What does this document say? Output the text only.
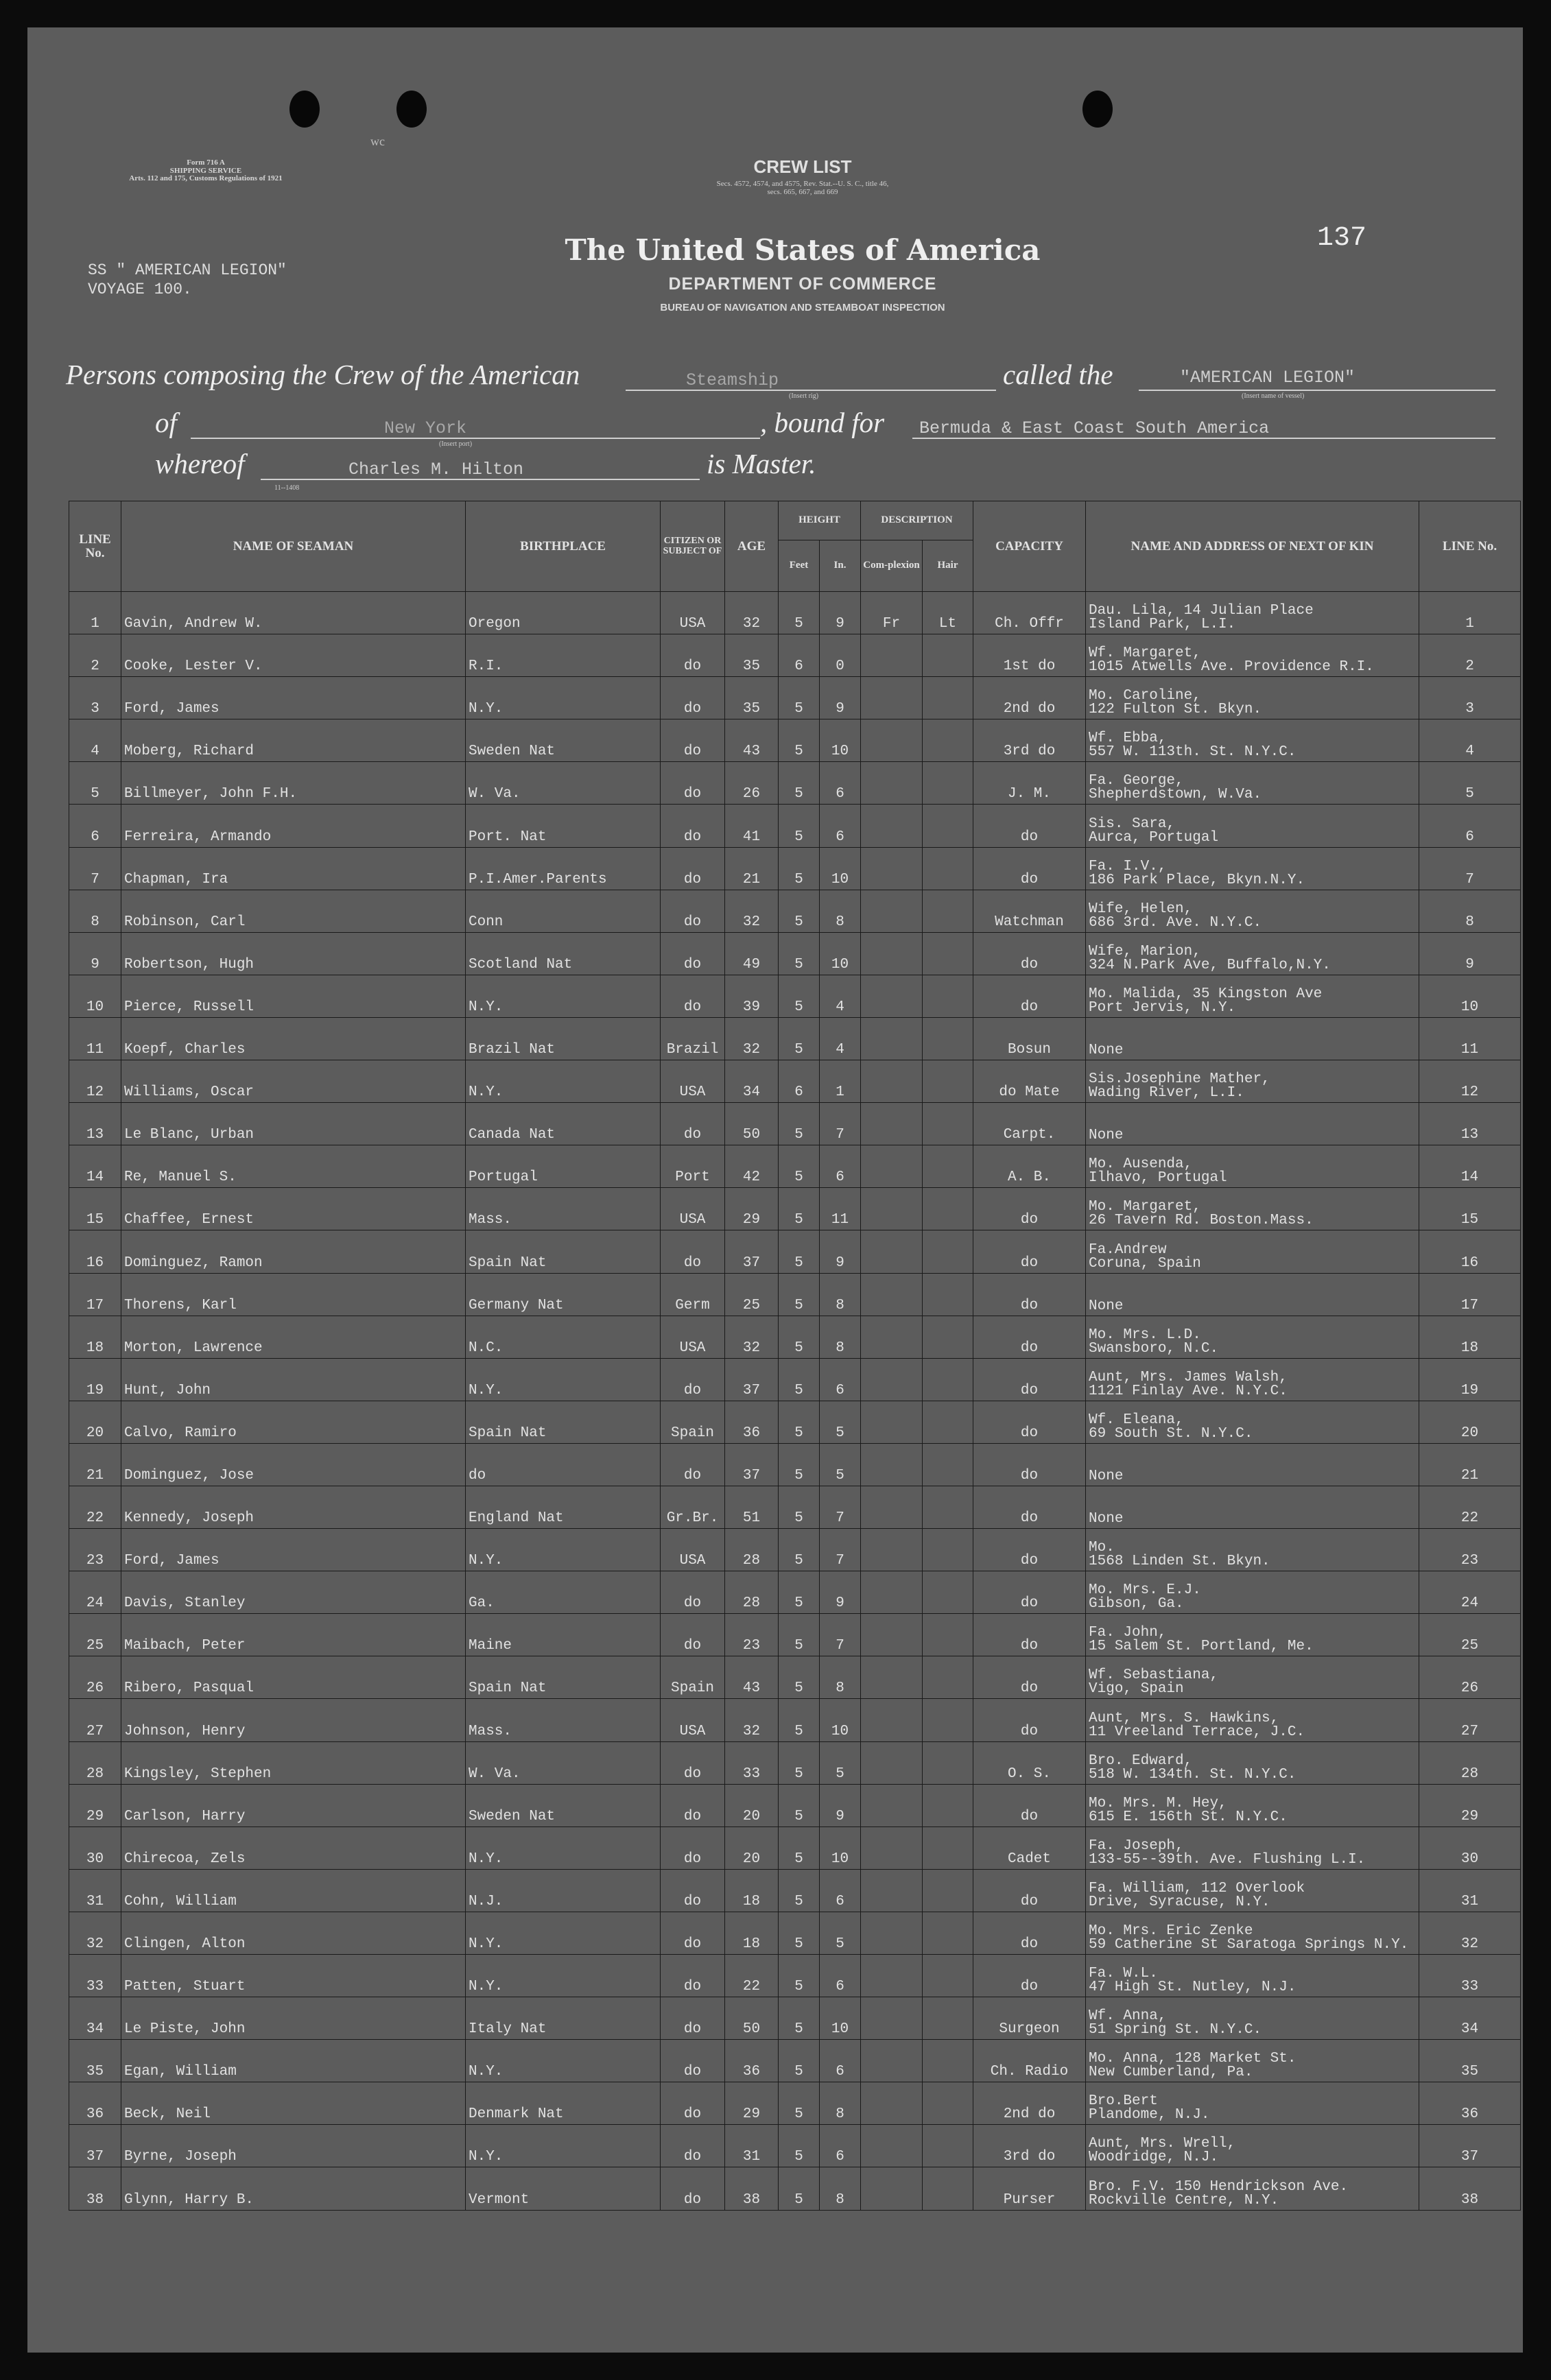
Form 716 A
SHIPPING SERVICE
Arts. 112 and 175, Customs Regulations of 1921
wc
CREW LIST
Secs. 4572, 4574, and 4575, Rev. Stat.--U. S. C., title 46,
secs. 665, 667, and 669
The United States of America
DEPARTMENT OF COMMERCE
BUREAU OF NAVIGATION AND STEAMBOAT INSPECTION
SS " AMERICAN LEGION"
VOYAGE 100.
137
Persons composing the Crew of the American	Steamship
(Insert rig)
called the	"AMERICAN LEGION"
(Insert name of vessel)
of	New York
(Insert port)
, bound for Bermuda & East Coast South America
whereof	Charles M. Hilton	is Master.
11--1408
LINE No.	NAME OF SEAMAN	BIRTHPLACE	CITIZEN OR SUBJECT OF	AGE	HEIGHT		DESCRIPTION		CAPACITY	NAME AND ADDRESS OF NEXT OF KIN	LINE No.
					Feet	In.	Com-plexion	Hair			
1	Gavin, Andrew W.	Oregon	USA	32	5	9	Fr	Lt	Ch. Offr	Dau. Lila, 14 Julian Place
Island Park, L.I.	1
2	Cooke, Lester V.	R.I.	do	35	6	0			1st do	Wf. Margaret,
1015 Atwells Ave. Providence R.I.	2
3	Ford, James	N.Y.	do	35	5	9			2nd do	Mo. Caroline,
122 Fulton St. Bkyn.	3
4	Moberg, Richard	Sweden Nat	do	43	5	10			3rd do	Wf. Ebba,
557 W. 113th. St. N.Y.C.	4
5	Billmeyer, John F.H.	W. Va.	do	26	5	6			J. M.	Fa. George,
Shepherdstown, W.Va.	5
6	Ferreira, Armando	Port. Nat	do	41	5	6			do	Sis. Sara,
Aurca, Portugal	6
7	Chapman, Ira	P.I.Amer.Parents	do	21	5	10			do	Fa. I.V.,
186 Park Place, Bkyn.N.Y.	7
8	Robinson, Carl	Conn	do	32	5	8			Watchman	Wife, Helen,
686 3rd. Ave. N.Y.C.	8
9	Robertson, Hugh	Scotland Nat	do	49	5	10			do	Wife, Marion,
324 N.Park Ave, Buffalo,N.Y.	9
10	Pierce, Russell	N.Y.	do	39	5	4			do	Mo. Malida, 35 Kingston Ave
Port Jervis, N.Y.	10
11	Koepf, Charles	Brazil Nat	Brazil	32	5	4			Bosun	None	11
12	Williams, Oscar	N.Y.	USA	34	6	1			do Mate	Sis.Josephine Mather,
Wading River, L.I.	12
13	Le Blanc, Urban	Canada Nat	do	50	5	7			Carpt.	None	13
14	Re, Manuel S.	Portugal	Port	42	5	6			A. B.	Mo. Ausenda,
Ilhavo, Portugal	14
15	Chaffee, Ernest	Mass.	USA	29	5	11			do	Mo. Margaret,
26 Tavern Rd. Boston.Mass.	15
16	Dominguez, Ramon	Spain Nat	do	37	5	9			do	Fa.Andrew
Coruna, Spain	16
17	Thorens, Karl	Germany Nat	Germ	25	5	8			do	None	17
18	Morton, Lawrence	N.C.	USA	32	5	8			do	Mo. Mrs. L.D.
Swansboro, N.C.	18
19	Hunt, John	N.Y.	do	37	5	6			do	Aunt, Mrs. James Walsh,
1121 Finlay Ave. N.Y.C.	19
20	Calvo, Ramiro	Spain Nat	Spain	36	5	5			do	Wf. Eleana,
69 South St. N.Y.C.	20
21	Dominguez, Jose	do	do	37	5	5			do	None	21
22	Kennedy, Joseph	England Nat	Gr.Br.	51	5	7			do	None	22
23	Ford, James	N.Y.	USA	28	5	7			do	Mo.
1568 Linden St. Bkyn.	23
24	Davis, Stanley	Ga.	do	28	5	9			do	Mo. Mrs. E.J.
Gibson, Ga.	24
25	Maibach, Peter	Maine	do	23	5	7			do	Fa. John,
15 Salem St. Portland, Me.	25
26	Ribero, Pasqual	Spain Nat	Spain	43	5	8			do	Wf. Sebastiana,
Vigo, Spain	26
27	Johnson, Henry	Mass.	USA	32	5	10			do	Aunt, Mrs. S. Hawkins,
11 Vreeland Terrace, J.C.	27
28	Kingsley, Stephen	W. Va.	do	33	5	5			O. S.	Bro. Edward,
518 W. 134th. St. N.Y.C.	28
29	Carlson, Harry	Sweden Nat	do	20	5	9			do	Mo. Mrs. M. Hey,
615 E. 156th St. N.Y.C.	29
30	Chirecoa, Zels	N.Y.	do	20	5	10			Cadet	Fa. Joseph,
133-55--39th. Ave. Flushing L.I.	30
31	Cohn, William	N.J.	do	18	5	6			do	Fa. William, 112 Overlook
Drive, Syracuse, N.Y.	31
32	Clingen, Alton	N.Y.	do	18	5	5			do	Mo. Mrs. Eric Zenke
59 Catherine St Saratoga Springs N.Y.	32
33	Patten, Stuart	N.Y.	do	22	5	6			do	Fa. W.L.
47 High St. Nutley, N.J.	33
34	Le Piste, John	Italy Nat	do	50	5	10			Surgeon	Wf. Anna,
51 Spring St. N.Y.C.	34
35	Egan, William	N.Y.	do	36	5	6			Ch. Radio	Mo. Anna, 128 Market St.
New Cumberland, Pa.	35
36	Beck, Neil	Denmark Nat	do	29	5	8			2nd do	Bro.Bert
Plandome, N.J.	36
37	Byrne, Joseph	N.Y.	do	31	5	6			3rd do	Aunt, Mrs. Wrell,
Woodridge, N.J.	37
38	Glynn, Harry B.	Vermont	do	38	5	8			Purser	Bro. F.V. 150 Hendrickson Ave.
Rockville Centre, N.Y.	38
